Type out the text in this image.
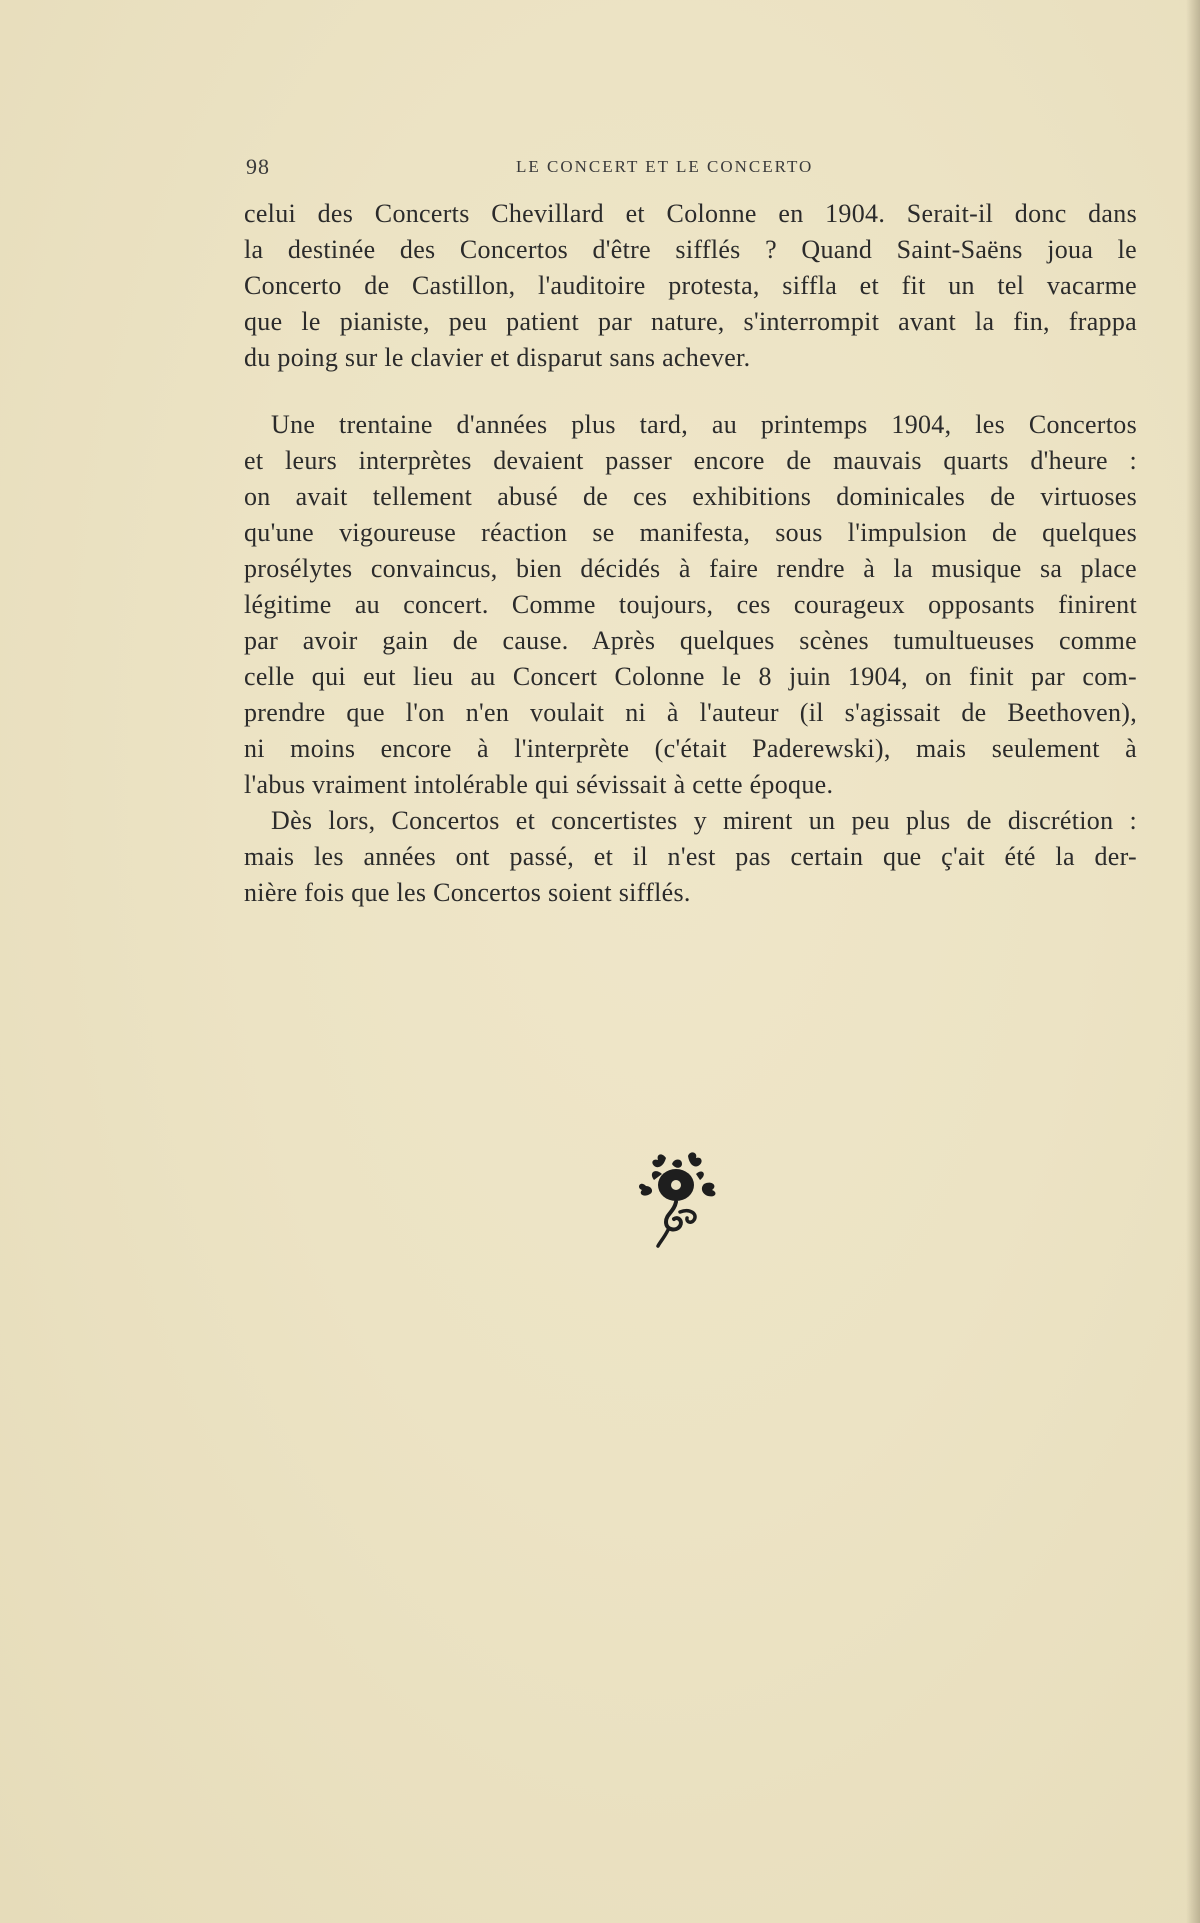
98	LE CONCERT ET LE CONCERTO
celui des Concerts Chevillard et Colonne en 1904. Serait-il donc dans
la destinée des Concertos d'être sifflés ? Quand Saint-Saëns joua le
Concerto de Castillon, l'auditoire protesta, siffla et fit un tel vacarme
que le pianiste, peu patient par nature, s'interrompit avant la fin, frappa
du poing sur le clavier et disparut sans achever.
Une trentaine d'années plus tard, au printemps 1904, les Concertos
et leurs interprètes devaient passer encore de mauvais quarts d'heure :
on avait tellement abusé de ces exhibitions dominicales de virtuoses
qu'une vigoureuse réaction se manifesta, sous l'impulsion de quelques
prosélytes convaincus, bien décidés à faire rendre à la musique sa place
légitime au concert. Comme toujours, ces courageux opposants finirent
par avoir gain de cause. Après quelques scènes tumultueuses comme
celle qui eut lieu au Concert Colonne le 8 juin 1904, on finit par com-
prendre que l'on n'en voulait ni à l'auteur (il s'agissait de Beethoven),
ni moins encore à l'interprète (c'était Paderewski), mais seulement à
l'abus vraiment intolérable qui sévissait à cette époque.
Dès lors, Concertos et concertistes y mirent un peu plus de discrétion :
mais les années ont passé, et il n'est pas certain que ç'ait été la der-
nière fois que les Concertos soient sifflés.
